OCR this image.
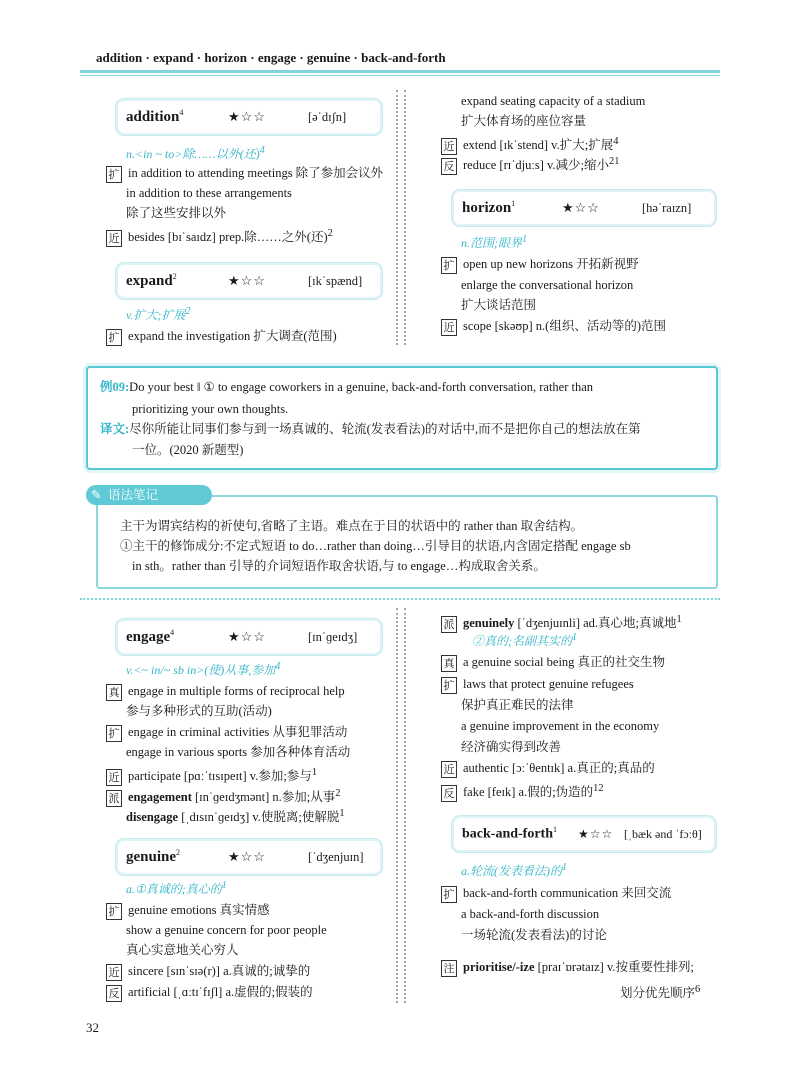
addition · expand · horizon · engage · genuine · back-and-forth
addition$^4$	★☆☆	[əˈdɪʃn]
n.<in ~ to>除……以外(还)$^4$
扩 in addition to attending meetings 除了参加会议外
in addition to these arrangements
除了这些安排以外
近 besides [bɪˈsaɪdz] prep.除……之外(还)$^2$
expand$^2$	★☆☆	[ɪkˈspænd]
v.扩大;扩展$^2$
扩 expand the investigation 扩大调查(范围)
expand seating capacity of a stadium
扩大体育场的座位容量
近 extend [ɪkˈstend] v.扩大;扩展$^4$
反 reduce [rɪˈdjuːs] v.减少;缩小$^{21}$
horizon$^1$	★☆☆	[həˈraɪzn]
n.范围;眼界$^1$
扩 open up new horizons 开拓新视野
enlarge the conversational horizon
扩大谈话范围
近 scope [skəʊp] n.(组织、活动等的)范围
例09:Do your best ‖ ① to engage coworkers in a genuine, back-and-forth conversation, rather than
prioritizing your own thoughts.
译文:尽你所能让同事们参与到一场真诚的、轮流(发表看法)的对话中,而不是把你自己的想法放在第
一位。(2020 新题型)
✎ 语法笔记
主干为谓宾结构的祈使句,省略了主语。难点在于目的状语中的 rather than 取舍结构。
①主干的修饰成分:不定式短语 to do…rather than doing…引导目的状语,内含固定搭配 engage sb
in sth。rather than 引导的介词短语作取舍状语,与 to engage…构成取舍关系。
engage$^4$	★☆☆	[ɪnˈɡeɪdʒ]
v.<~ in/~ sb in>(使)从事,参加$^4$
真 engage in multiple forms of reciprocal help
参与多种形式的互助(活动)
扩 engage in criminal activities 从事犯罪活动
engage in various sports 参加各种体育活动
近 participate [pɑːˈtɪsɪpeɪt] v.参加;参与$^1$
派 engagement [ɪnˈɡeɪdʒmənt] n.参加;从事$^2$
disengage [ˌdɪsɪnˈɡeɪdʒ] v.使脱离;使解脱$^1$
genuine$^2$	★☆☆	[ˈdʒenjuɪn]
a.①真诚的;真心的$^1$
扩 genuine emotions 真实情感
show a genuine concern for poor people
真心实意地关心穷人
近 sincere [sɪnˈsɪə(r)] a.真诚的;诚挚的
反 artificial [ˌɑːtɪˈfɪʃl] a.虚假的;假装的
派 genuinely [ˈdʒenjuɪnli] ad.真心地;真诚地$^1$
②真的;名副其实的$^1$
真 a genuine social being 真正的社交生物
扩 laws that protect genuine refugees
保护真正难民的法律
a genuine improvement in the economy
经济确实得到改善
近 authentic [ɔːˈθentɪk] a.真正的;真品的
反 fake [feɪk] a.假的;伪造的$^{12}$
back-and-forth$^1$	★☆☆ [ˌbæk ənd ˈfɔːθ]
a.轮流(发表看法)的$^1$
扩 back-and-forth communication 来回交流
a back-and-forth discussion
一场轮流(发表看法)的讨论
注 prioritise/-ize [praɪˈɒrətaɪz] v.按重要性排列;
划分优先顺序$^6$
32
